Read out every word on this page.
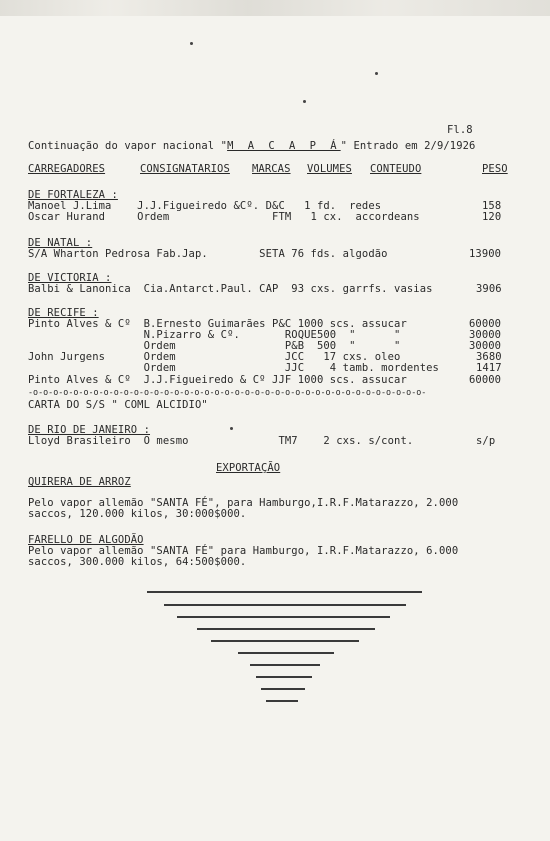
Fl.8
Continuação do vapor nacional "M A C A P Á" Entrado em 2/9/1926
CARREGADORES	CONSIGNATARIOS MARCAS VOLUMES CONTEUDO	PESO
DE FORTALEZA :
Manoel J.Lima    J.J.Figueiredo &Cº. D&C   1 fd.  redes	158
Oscar Hurand     Ordem                FTM   1 cx.  accordeans	120
DE NATAL :
S/A Wharton Pedrosa Fab.Jap.        SETA 76 fds. algodão	13900
DE VICTORIA :
Balbi & Lanonica  Cia.Antarct.Paul. CAP  93 cxs. garrfs. vasias	3906
DE RECIFE :
Pinto Alves & Cº  B.Ernesto Guimarães P&C 1000 scs. assucar	60000
N.Pizarro & Cº.       ROQUE500  "      "	30000
Ordem                 P&B  500  "      "	30000
John Jurgens      Ordem                 JCC   17 cxs. oleo	3680
Ordem                 JJC    4 tamb. mordentes	1417
Pinto Alves & Cº  J.J.Figueiredo & Cº JJF 1000 scs. assucar	60000
-o-o-o-o-o-o-o-o-o-o-o-o-o-o-o-o-o-o-o-o-o-o-o-o-o-o-o-o-o-o-o-o-o-o-o-o-o-o-o-
CARTA DO S/S " COML ALCIDIO"
DE RIO DE JANEIRO :
Lloyd Brasileiro  O mesmo              TM7    2 cxs. s/cont.	s/p
EXPORTAÇÃO
QUIRERA DE ARROZ
Pelo vapor allemão "SANTA FÉ", para Hamburgo,I.R.F.Matarazzo, 2.000
saccos, 120.000 kilos, 30:000$000.
FARELLO DE ALGODÃO
Pelo vapor allemão "SANTA FÉ" para Hamburgo, I.R.F.Matarazzo, 6.000
saccos, 300.000 kilos, 64:500$000.
